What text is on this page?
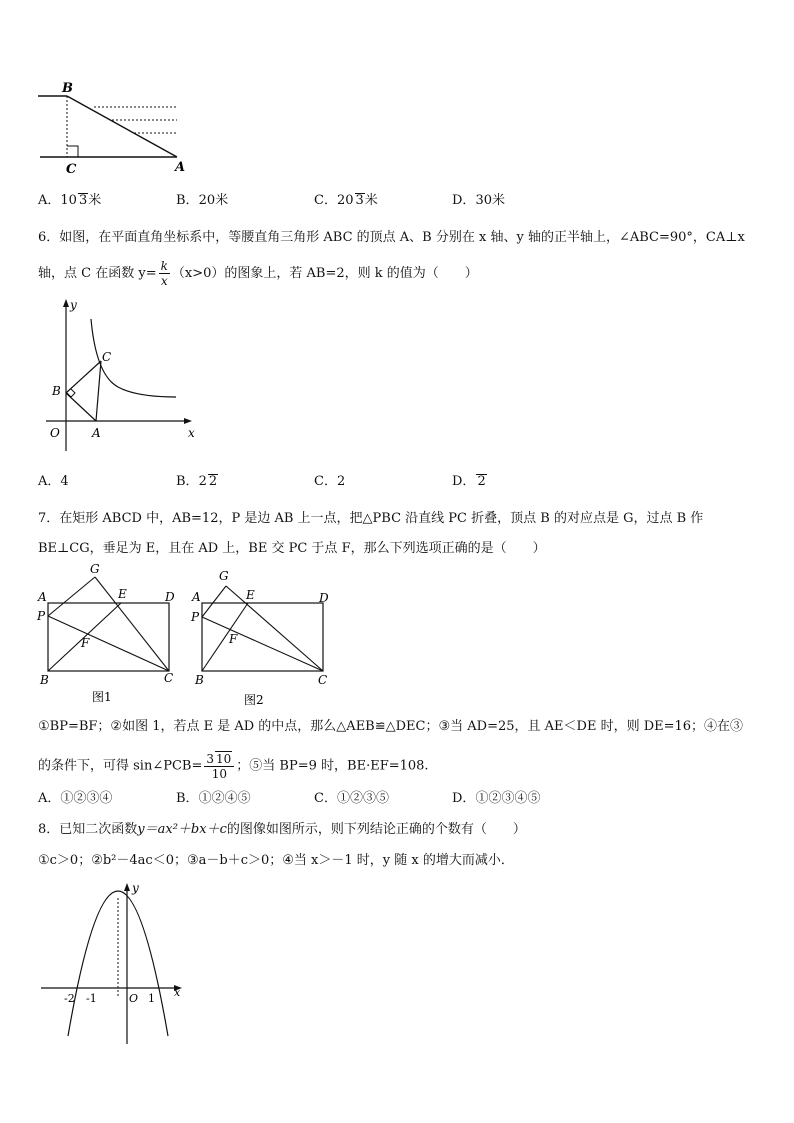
B
C	A
A．10 3米	B．20米	C．20 3米	D．30米
6．如图，在平面直角坐标系中，等腰直角三角形 ABC 的顶点 A、B 分别在 x 轴、y 轴的正半轴上，∠ABC=90°，CA⊥x
轴，点 C 在函数 $y= \frac{k}{x} (x>0)$的图象上，若 AB=2，则 k 的值为（　　）
y
C
B
O	A	x
A．4	B．2 2	C．2	D． 2
7．在矩形 ABCD 中，AB=12，P 是边 AB 上一点，把△PBC 沿直线 PC 折叠，顶点 B 的对应点是 G，过点 B 作
BE⊥CG，垂足为 E，且在 AD 上，BE 交 PC 于点 F，那么下列选项正确的是（　　）
G
A	E	D
P
F
B	C
图1
G
A	E	D
P
F
B	C
图2
①BP=BF；②如图 1，若点 E 是 AD 的中点，那么△AEB≌△DEC；③当 AD=25，且 AE＜DE 时，则 DE=16；④在③
的条件下，可得 sin∠PCB= $\frac{3 10}{10}$ ；⑤当 BP=9 时，BE·EF=108.
A．①②③④	B．①②④⑤	C．①②③⑤	D．①②③④⑤
8．已知二次函数y＝ax²＋bx＋c的图像如图所示，则下列结论正确的个数有（　　）
①c＞0；②b²－4ac＜0；③a－b＋c＞0；④当 x＞－1 时，y 随 x 的增大而减小．
y
-2 -1	O 1 x
